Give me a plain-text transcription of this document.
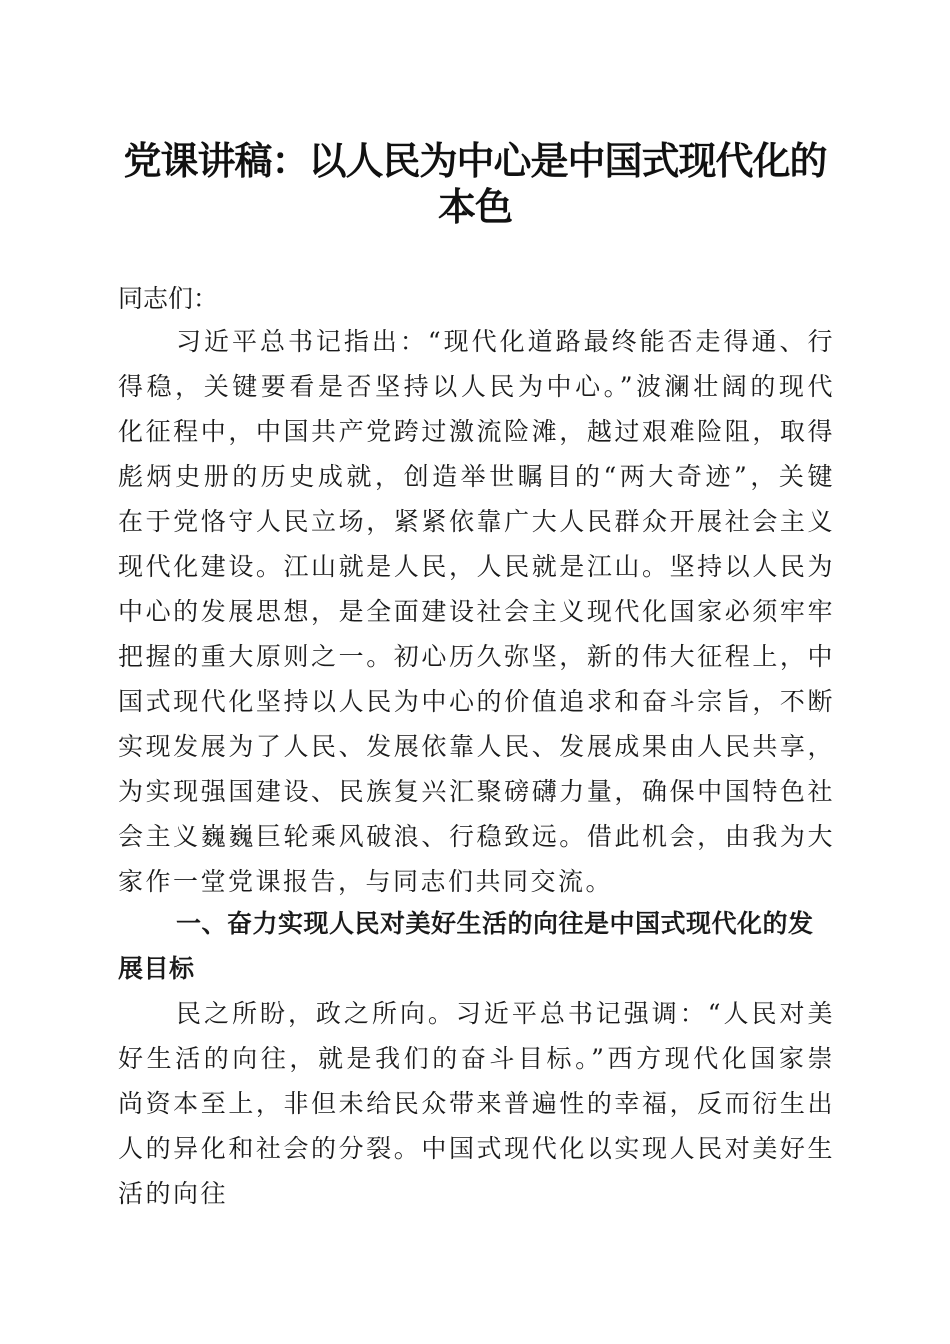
党课讲稿：以人民为中心是中国式现代化的本色

同志们：

习近平总书记指出：“现代化道路最终能否走得通、行得稳，关键要看是否坚持以人民为中心。”波澜壮阔的现代化征程中，中国共产党跨过激流险滩，越过艰难险阻，取得彪炳史册的历史成就，创造举世瞩目的“两大奇迹”，关键在于党恪守人民立场，紧紧依靠广大人民群众开展社会主义现代化建设。江山就是人民，人民就是江山。坚持以人民为中心的发展思想，是全面建设社会主义现代化国家必须牢牢把握的重大原则之一。初心历久弥坚，新的伟大征程上，中国式现代化坚持以人民为中心的价值追求和奋斗宗旨，不断实现发展为了人民、发展依靠人民、发展成果由人民共享，为实现强国建设、民族复兴汇聚磅礴力量，确保中国特色社会主义巍巍巨轮乘风破浪、行稳致远。借此机会，由我为大家作一堂党课报告，与同志们共同交流。

一、奋力实现人民对美好生活的向往是中国式现代化的发展目标

民之所盼，政之所向。习近平总书记强调：“人民对美好生活的向往，就是我们的奋斗目标。”西方现代化国家崇尚资本至上，非但未给民众带来普遍性的幸福，反而衍生出人的异化和社会的分裂。中国式现代化以实现人民对美好生活的向往
